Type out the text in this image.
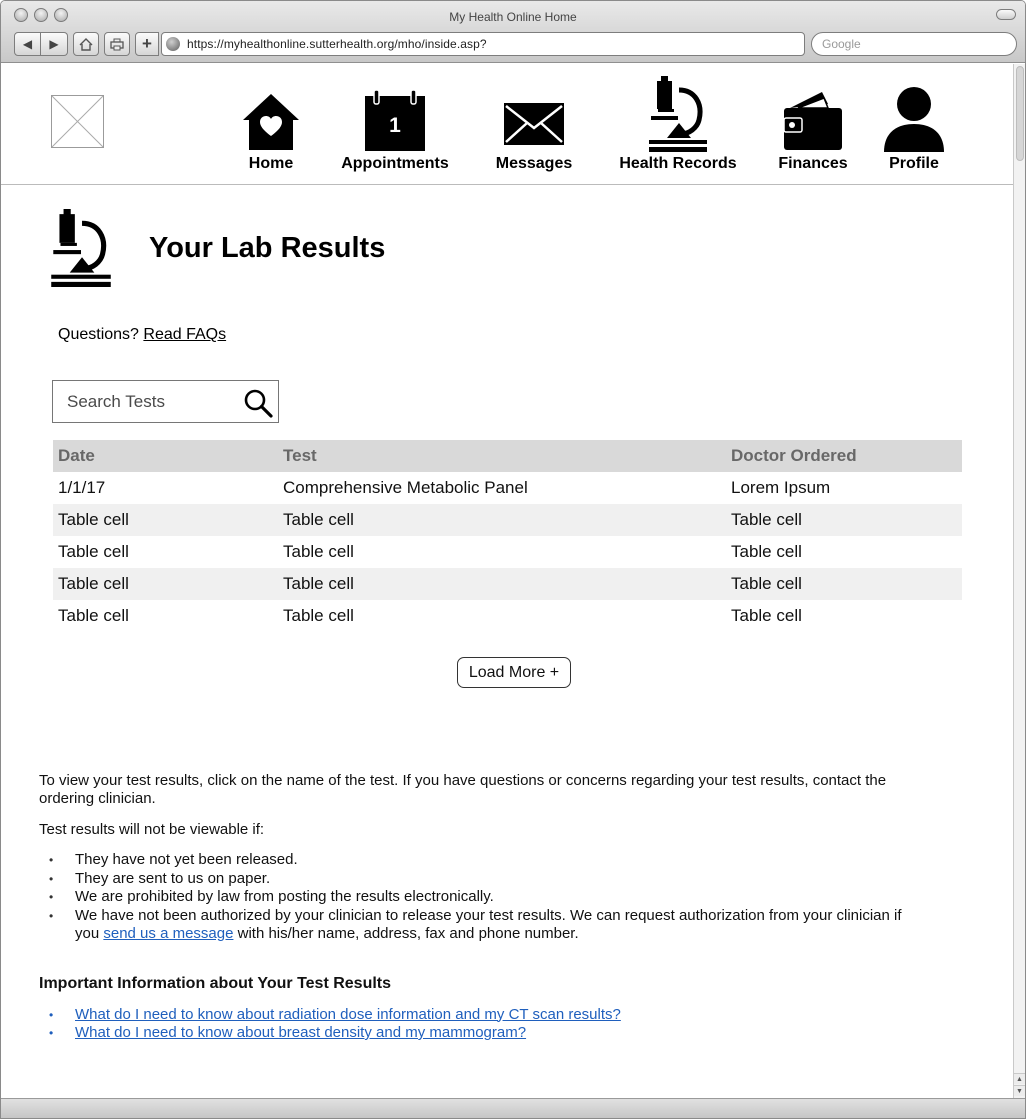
My Health Online Home
◀ ▶	+	https://myhealthonline.sutterhealth.org/mho/inside.asp?	Google
Home
1
Appointments	Messages	Health Records	Finances	Profile
Your Lab Results
Questions? Read FAQs
Search Tests
Date	Test	Doctor Ordered
1/1/17	Comprehensive Metabolic Panel	Lorem Ipsum
Table cell	Table cell	Table cell
Table cell	Table cell	Table cell
Table cell	Table cell	Table cell
Table cell	Table cell	Table cell
Load More +

To view your test results, click on the name of the test. If you have questions or concerns regarding your test results, contact the ordering clinician.

Test results will not be viewable if:

• They have not yet been released.
• They are sent to us on paper.
• We are prohibited by law from posting the results electronically.
• We have not been authorized by your clinician to release your test results. We can request authorization from your clinician if you send us a message with his/her name, address, fax and phone number.
Important Information about Your Test Results
• What do I need to know about radiation dose information and my CT scan results?
• What do I need to know about breast density and my mammogram?
▲
▼
